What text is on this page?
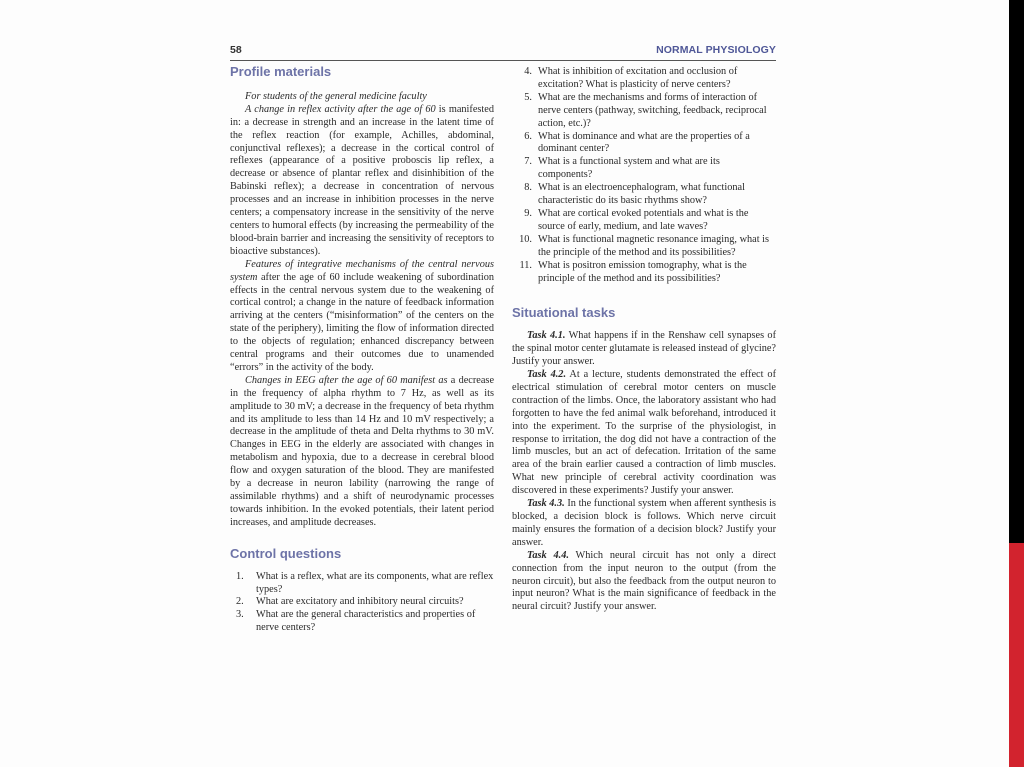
58	NORMAL PHYSIOLOGY
Profile materials

For students of the general medicine faculty

A change in reflex activity after the age of 60 is manifested in: a decrease in strength and an increase in the latent time of the reflex reaction (for example, Achilles, abdominal, conjunctival reflexes); a decrease in the cortical control of reflexes (appearance of a positive proboscis lip reflex, a decrease or absence of plantar reflex and disinhibition of the Babinski reflex); a decrease in concentration of nervous processes and an increase in inhibition processes in the nerve centers; a compensatory increase in the sensitivity of the nerve centers to humoral effects (by increasing the permeability of the blood-brain barrier and increasing the sensitivity of receptors to bioactive substances).

Features of integrative mechanisms of the central nervous system after the age of 60 include weakening of subordination effects in the central nervous system due to the weakening of cortical control; a change in the nature of feedback information arriving at the centers (“misinformation” of the centers on the state of the periphery), limiting the flow of information directed to the objects of regulation; enhanced discrepancy between central programs and their outcomes due to unamended “errors” in the activity of the body.

Changes in EEG after the age of 60 manifest as a decrease in the frequency of alpha rhythm to 7 Hz, as well as its amplitude to 30 mV; a decrease in the frequency of beta rhythm and its amplitude to less than 14 Hz and 10 mV respectively; a decrease in the amplitude of theta and Delta rhythms to 30 mV. Changes in EEG in the elderly are associated with changes in metabolism and hypoxia, due to a decrease in cerebral blood flow and oxygen saturation of the blood. They are manifested by a decrease in neuron lability (narrowing the range of assimilable rhythms) and a shift of neurodynamic processes towards inhibition. In the evoked potentials, their latent period increases, and amplitude decreases.

Control questions
1. What is a reflex, what are its components, what are reflex types?
2. What are excitatory and inhibitory neural circuits?
3. What are the general characteristics and properties of nerve centers?
4. What is inhibition of excitation and occlusion of excitation? What is plasticity of nerve centers?
5. What are the mechanisms and forms of interaction of nerve centers (pathway, switching, feedback, reciprocal action, etc.)?
6. What is dominance and what are the properties of a dominant center?
7. What is a functional system and what are its components?
8. What is an electroencephalogram, what functional characteristic do its basic rhythms show?
9. What are cortical evoked potentials and what is the source of early, medium, and late waves?
10. What is functional magnetic resonance imaging, what is the principle of the method and its possibilities?
11. What is positron emission tomography, what is the principle of the method and its possibilities?
Situational tasks

Task 4.1. What happens if in the Renshaw cell synapses of the spinal motor center glutamate is released instead of glycine? Justify your answer.

Task 4.2. At a lecture, students demonstrated the effect of electrical stimulation of cerebral motor centers on muscle contraction of the limbs. Once, the laboratory assistant who had forgotten to have the fed animal walk beforehand, introduced it into the experiment. To the surprise of the physiologist, in response to irritation, the dog did not have a contraction of the limb muscles, but an act of defecation. Irritation of the same area of the brain earlier caused a contraction of limb muscles. What new principle of cerebral activity coordination was discovered in these experiments? Justify your answer.

Task 4.3. In the functional system when afferent synthesis is blocked, a decision block is follows. Which nerve circuit mainly ensures the formation of a decision block? Justify your answer.

Task 4.4. Which neural circuit has not only a direct connection from the input neuron to the output (from the neuron circuit), but also the feedback from the output neuron to input neuron? What is the main significance of feedback in the neural circuit? Justify your answer.
